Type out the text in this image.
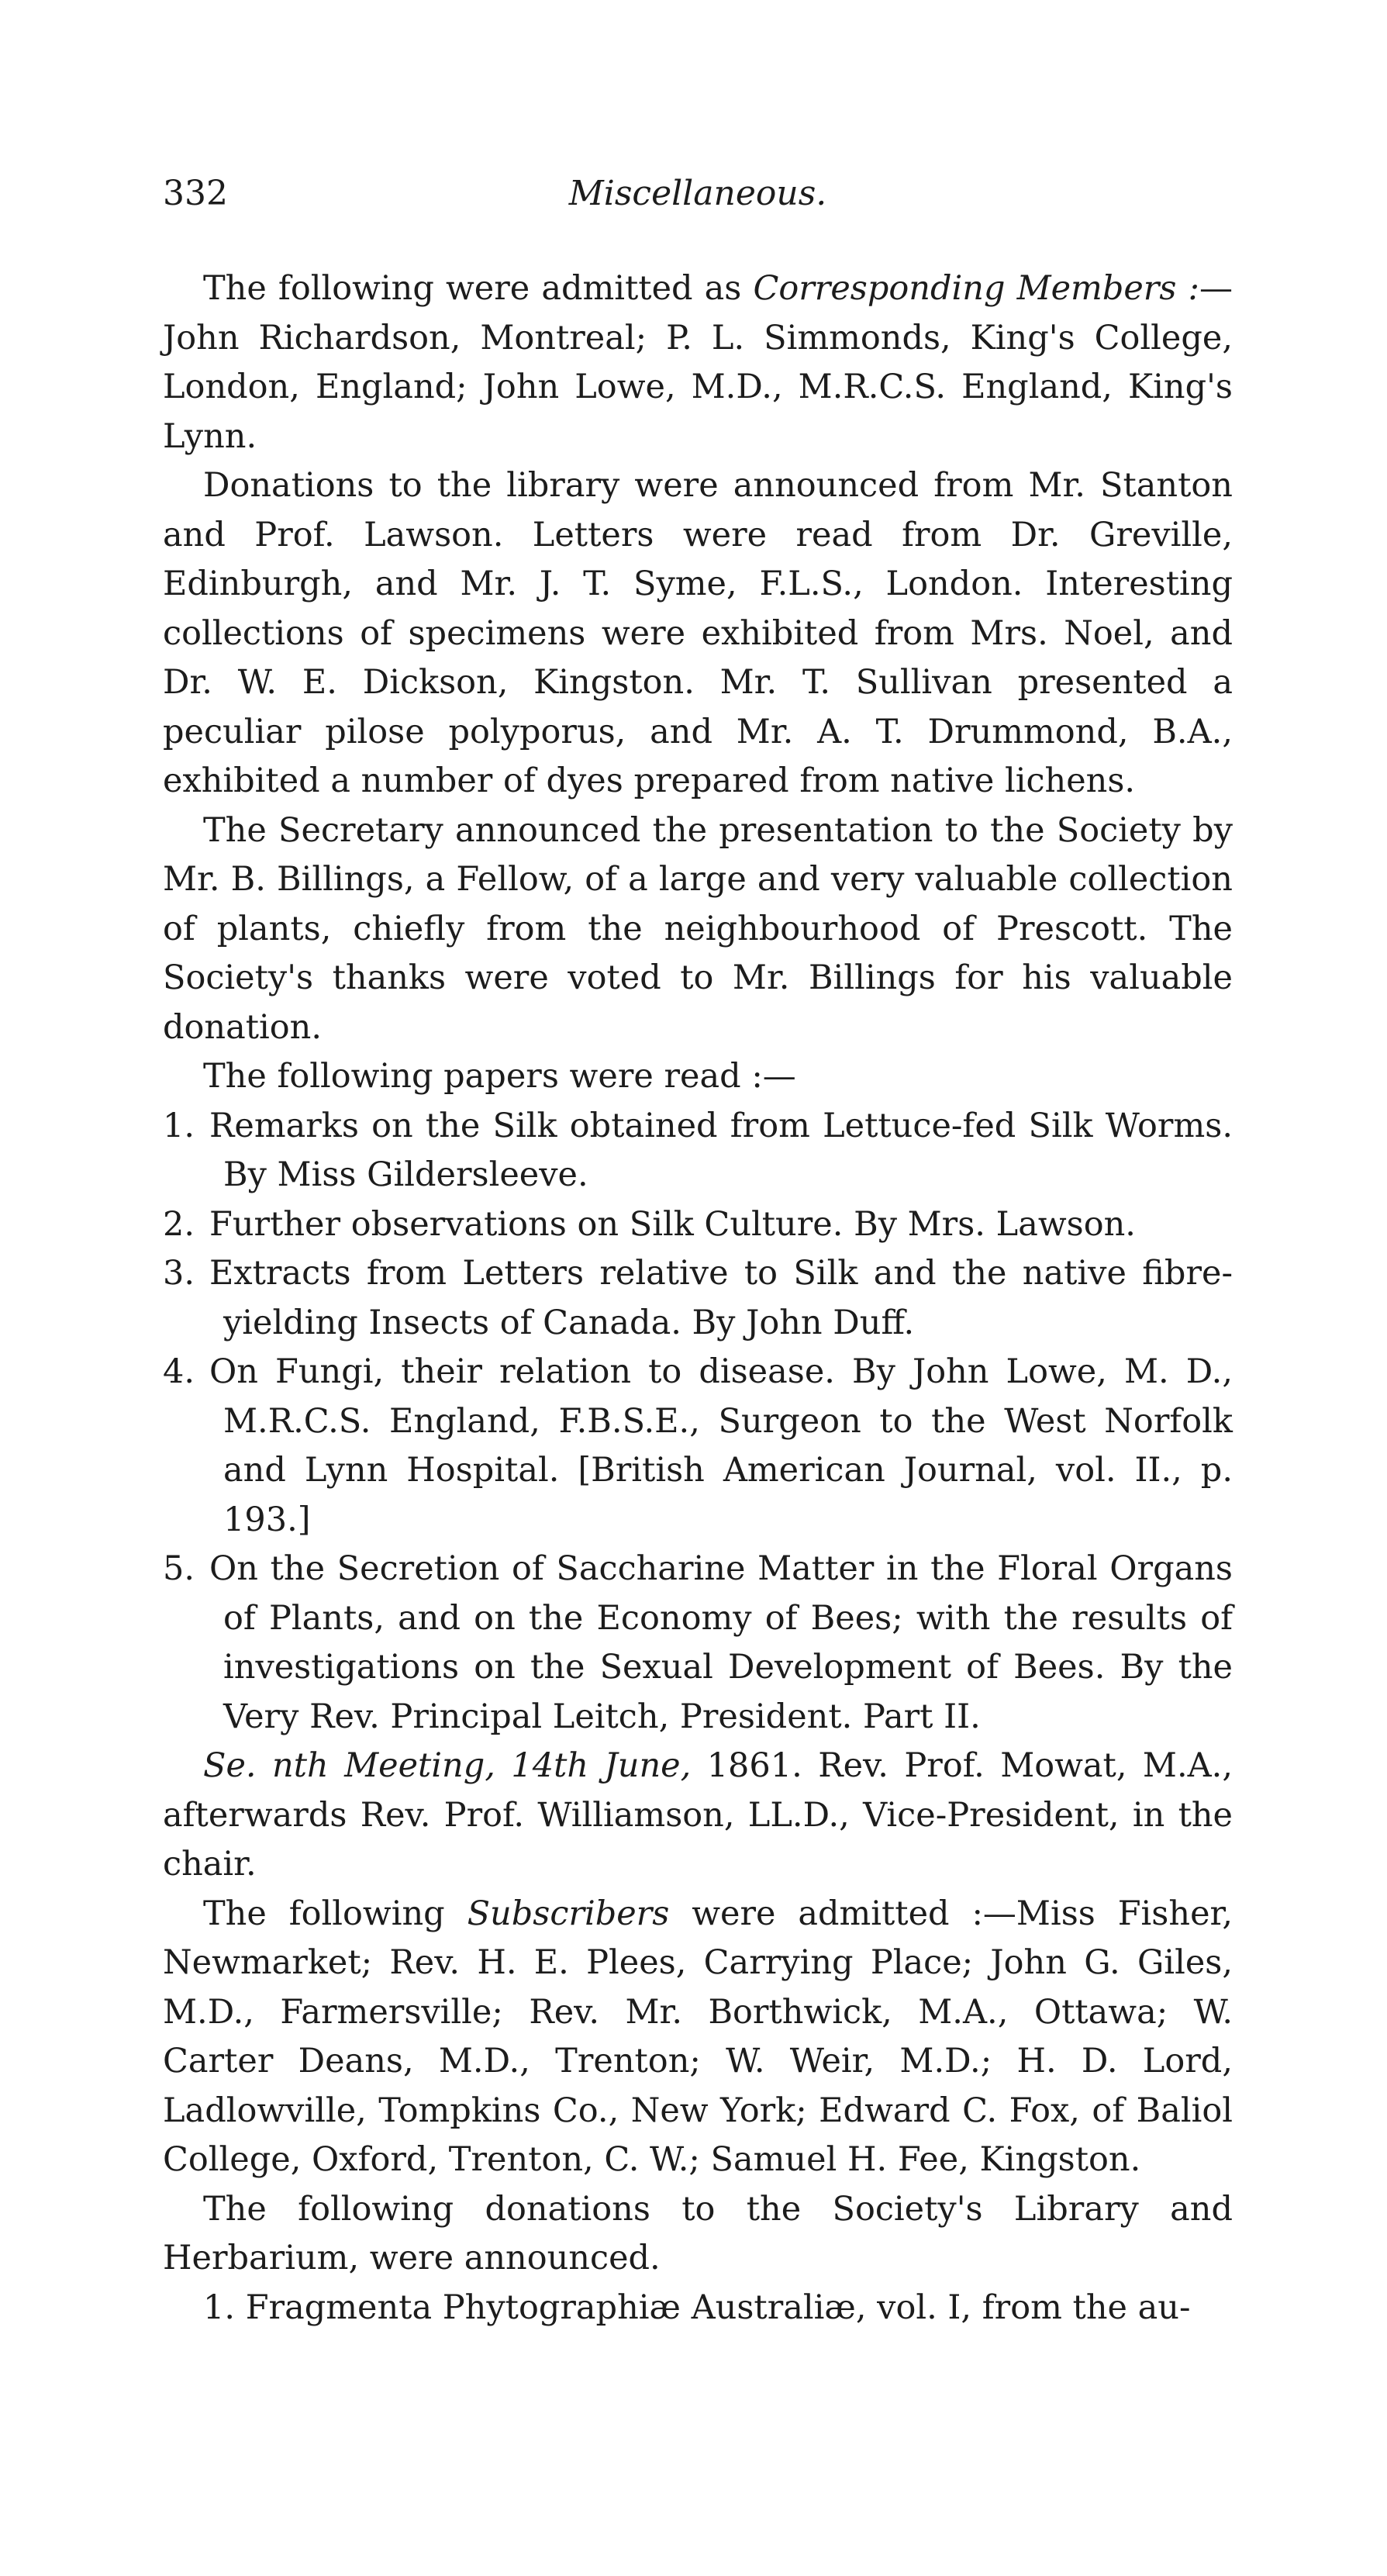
332	Miscellaneous.

The following were admitted as Corresponding Members :— John Richardson, Montreal; P. L. Simmonds, King's College, London, England; John Lowe, M.D., M.R.C.S. England, King's Lynn.

Donations to the library were announced from Mr. Stanton and Prof. Lawson. Letters were read from Dr. Greville, Edinburgh, and Mr. J. T. Syme, F.L.S., London. Interesting collections of specimens were exhibited from Mrs. Noel, and Dr. W. E. Dickson, Kingston. Mr. T. Sullivan presented a peculiar pilose polyporus, and Mr. A. T. Drummond, B.A., exhibited a number of dyes prepared from native lichens.

The Secretary announced the presentation to the Society by Mr. B. Billings, a Fellow, of a large and very valuable collection of plants, chiefly from the neighbourhood of Prescott. The Society's thanks were voted to Mr. Billings for his valuable donation.

The following papers were read :—

1. Remarks on the Silk obtained from Lettuce-fed Silk Worms. By Miss Gildersleeve.

2. Further observations on Silk Culture. By Mrs. Lawson.

3. Extracts from Letters relative to Silk and the native fibre-yielding Insects of Canada. By John Duff.

4. On Fungi, their relation to disease. By John Lowe, M. D., M.R.C.S. England, F.B.S.E., Surgeon to the West Norfolk and Lynn Hospital. [British American Journal, vol. II., p. 193.]

5. On the Secretion of Saccharine Matter in the Floral Organs of Plants, and on the Economy of Bees; with the results of investigations on the Sexual Development of Bees. By the Very Rev. Principal Leitch, President. Part II.

Se. nth Meeting, 14th June, 1861. Rev. Prof. Mowat, M.A., afterwards Rev. Prof. Williamson, LL.D., Vice-President, in the chair.

The following Subscribers were admitted :—Miss Fisher, Newmarket; Rev. H. E. Plees, Carrying Place; John G. Giles, M.D., Farmersville; Rev. Mr. Borthwick, M.A., Ottawa; W. Carter Deans, M.D., Trenton; W. Weir, M.D.; H. D. Lord, Ladlowville, Tompkins Co., New York; Edward C. Fox, of Baliol College, Oxford, Trenton, C. W.; Samuel H. Fee, Kingston.

The following donations to the Society's Library and Herbarium, were announced.

1. Fragmenta Phytographiæ Australiæ, vol. I, from the au-
